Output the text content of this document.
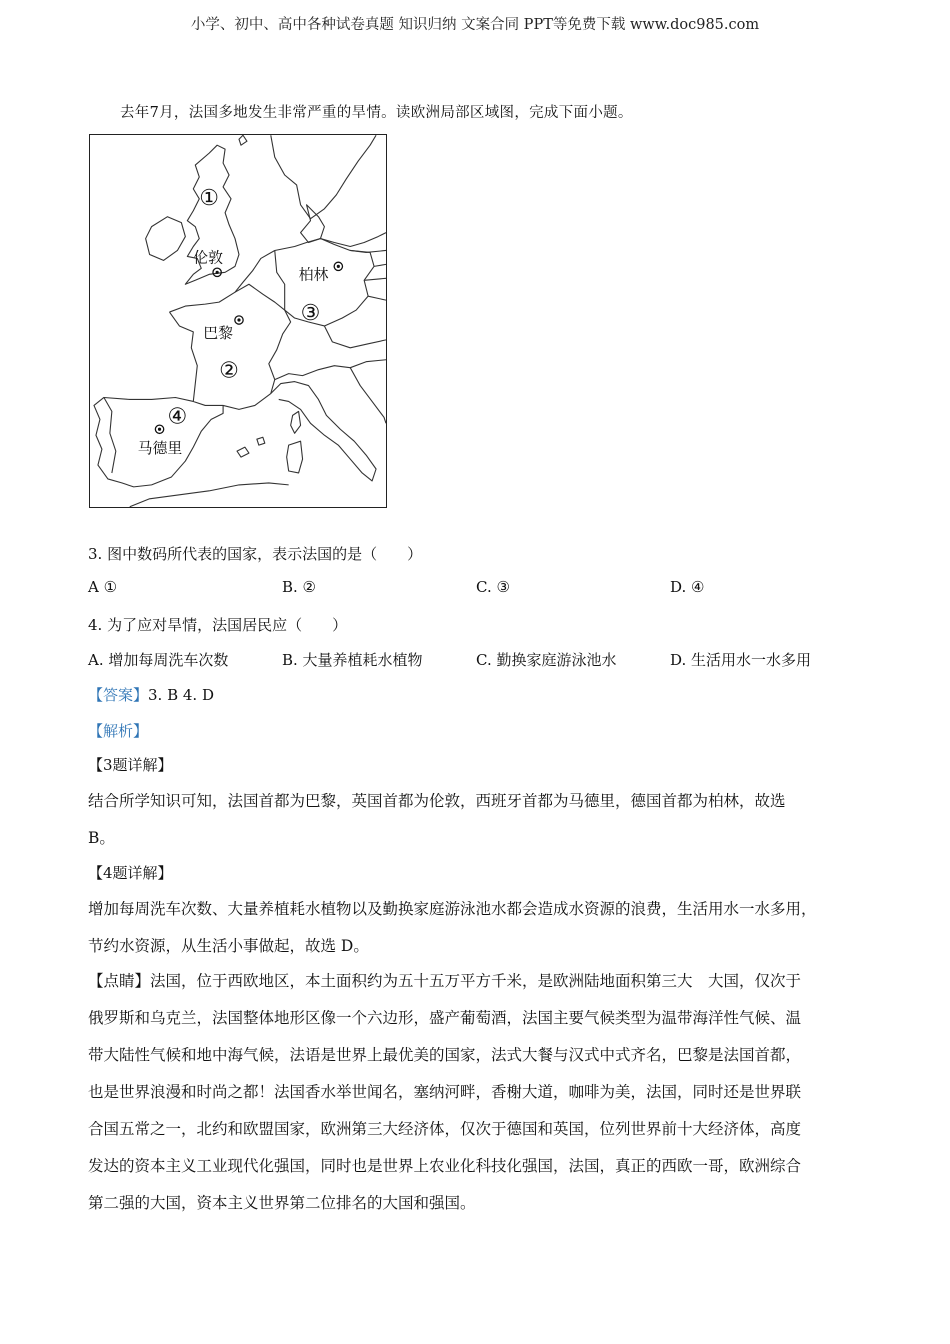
小学、初中、高中各种试卷真题 知识归纳 文案合同 PPT等免费下载 www.doc985.com
去年7月，法国多地发生非常严重的旱情。读欧洲局部区域图，完成下面小题。
①
②
③
④
伦敦
巴黎
柏林
马德里
3. 图中数码所代表的国家，表示法国的是（　　）
A ①	B. ②	C. ③	D. ④
4. 为了应对旱情，法国居民应（　　）
A. 增加每周洗车次数	B. 大量养植耗水植物	C. 勤换家庭游泳池水	D. 生活用水一水多用
【答案】3. B 4. D
【解析】
【3题详解】
结合所学知识可知，法国首都为巴黎，英国首都为伦敦，西班牙首都为马德里，德国首都为柏林，故选
B。
【4题详解】
增加每周洗车次数、大量养植耗水植物以及勤换家庭游泳池水都会造成水资源的浪费，生活用水一水多用，
节约水资源，从生活小事做起，故选 D。
【点睛】法国，位于西欧地区，本土面积约为五十五万平方千米，是欧洲陆地面积第三大　大国，仅次于
俄罗斯和乌克兰，法国整体地形区像一个六边形，盛产葡萄酒，法国主要气候类型为温带海洋性气候、温
带大陆性气候和地中海气候，法语是世界上最优美的国家，法式大餐与汉式中式齐名，巴黎是法国首都，
也是世界浪漫和时尚之都！法国香水举世闻名，塞纳河畔，香榭大道，咖啡为美，法国，同时还是世界联
合国五常之一，北约和欧盟国家，欧洲第三大经济体，仅次于德国和英国，位列世界前十大经济体，高度
发达的资本主义工业现代化强国，同时也是世界上农业化科技化强国，法国，真正的西欧一哥，欧洲综合
第二强的大国，资本主义世界第二位排名的大国和强国。
